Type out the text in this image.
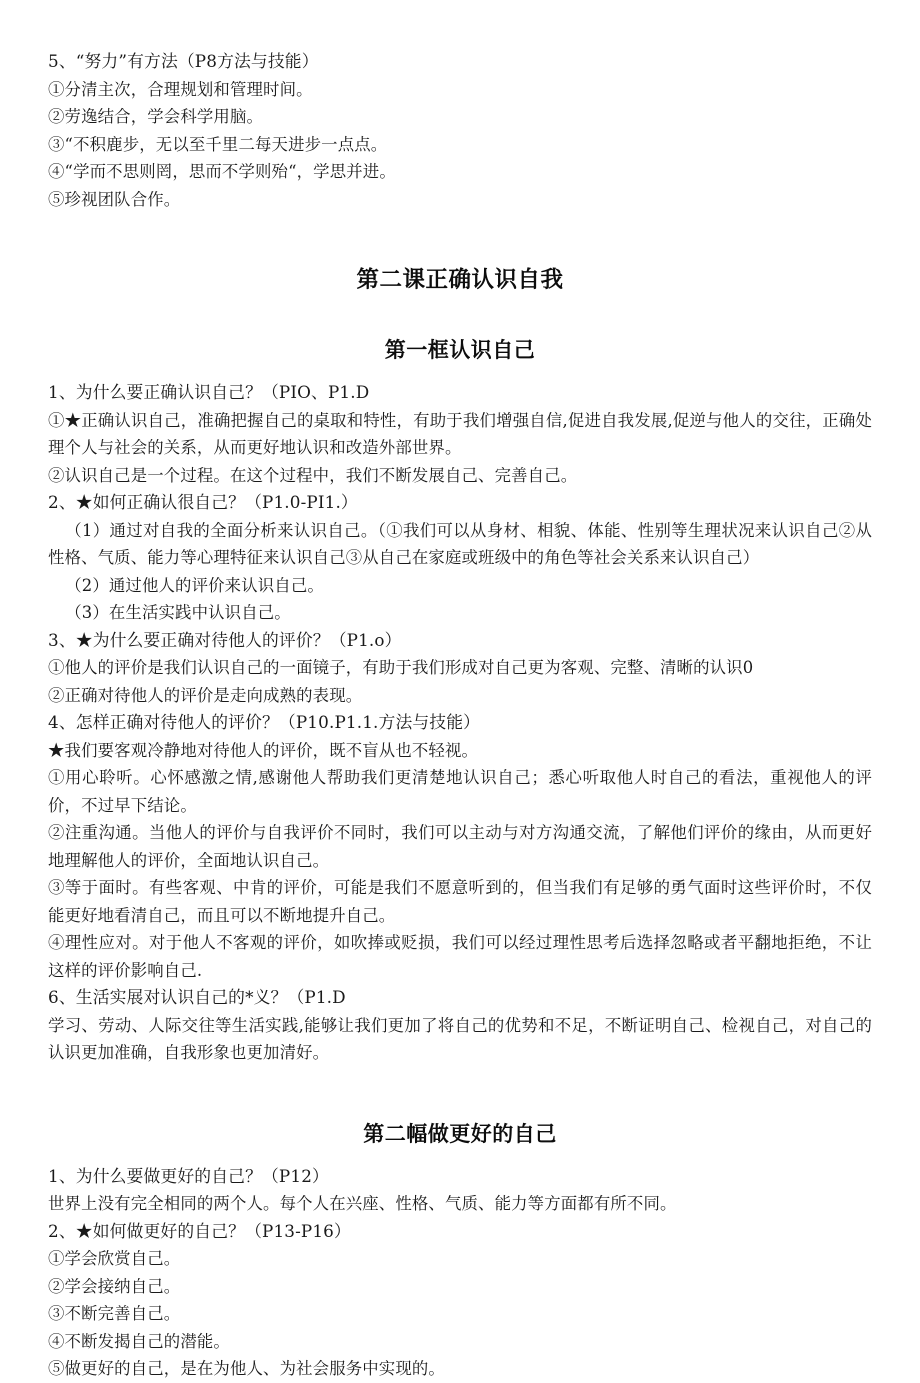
5、“努力”有方法（P8方法与技能）

①分清主次，合理规划和管理时间。

②劳逸结合，学会科学用脑。

③“不积鹿步，无以至千里二每天进步一点点。

④“学而不思则罔，思而不学则殆“，学思并进。

⑤珍视团队合作。

第二课正确认识自我
第一框认识自己

1、为什么要正确认识自己？（PIO、P1.D

①★正确认识自己，准确把握自己的桌取和特性，有助于我们增强自信,促进自我发展,促逆与他人的交往，正确处理个人与社会的关系，从而更好地认识和改造外部世界。

②认识自己是一个过程。在这个过程中，我们不断发展自己、完善自己。

2、★如何正确认很自己？（P1.0-PI1.）

（1）通过对自我的全面分析来认识自己。（①我们可以从身材、相貌、体能、性别等生理状况来认识自己②从性格、气质、能力等心理特征来认识自己③从自己在家庭或班级中的角色等社会关系来认识自己）

（2）通过他人的评价来认识自己。

（3）在生活实践中认识自己。

3、★为什么要正确对待他人的评价？（P1.o）

①他人的评价是我们认识自己的一面镜子，有助于我们形成对自己更为客观、完整、清晰的认识0

②正确对待他人的评价是走向成熟的表现。

4、怎样正确对待他人的评价？（P10.P1.1.方法与技能）

★我们要客观冷静地对待他人的评价，既不盲从也不轻视。

①用心聆听。心怀感激之情,感谢他人帮助我们更清楚地认识自己；悉心听取他人时自己的看法，重视他人的评价，不过早下结论。

②注重沟通。当他人的评价与自我评价不同时，我们可以主动与对方沟通交流，了解他们评价的缘由，从而更好地理解他人的评价，全面地认识自己。

③等于面时。有些客观、中肯的评价，可能是我们不愿意听到的，但当我们有足够的勇气面时这些评价时，不仅能更好地看清自己，而且可以不断地提升自己。

④理性应对。对于他人不客观的评价，如吹捧或贬损，我们可以经过理性思考后选择忽略或者平翻地拒绝，不让这样的评价影响自己.

6、生活实展对认识自己的*义？（P1.D

学习、劳动、人际交往等生活实践,能够让我们更加了将自己的优势和不足，不断证明自己、检视自己，对自己的认识更加准确，自我形象也更加清好。

第二幅做更好的自己

1、为什么要做更好的自己？（P12）

世界上没有完全相同的两个人。每个人在兴座、性格、气质、能力等方面都有所不同。

2、★如何做更好的自己？（P13-P16）

①学会欣赏自己。

②学会接纳自己。

③不断完善自己。

④不断发揭自己的潜能。

⑤做更好的自己，是在为他人、为社会服务中实现的。
